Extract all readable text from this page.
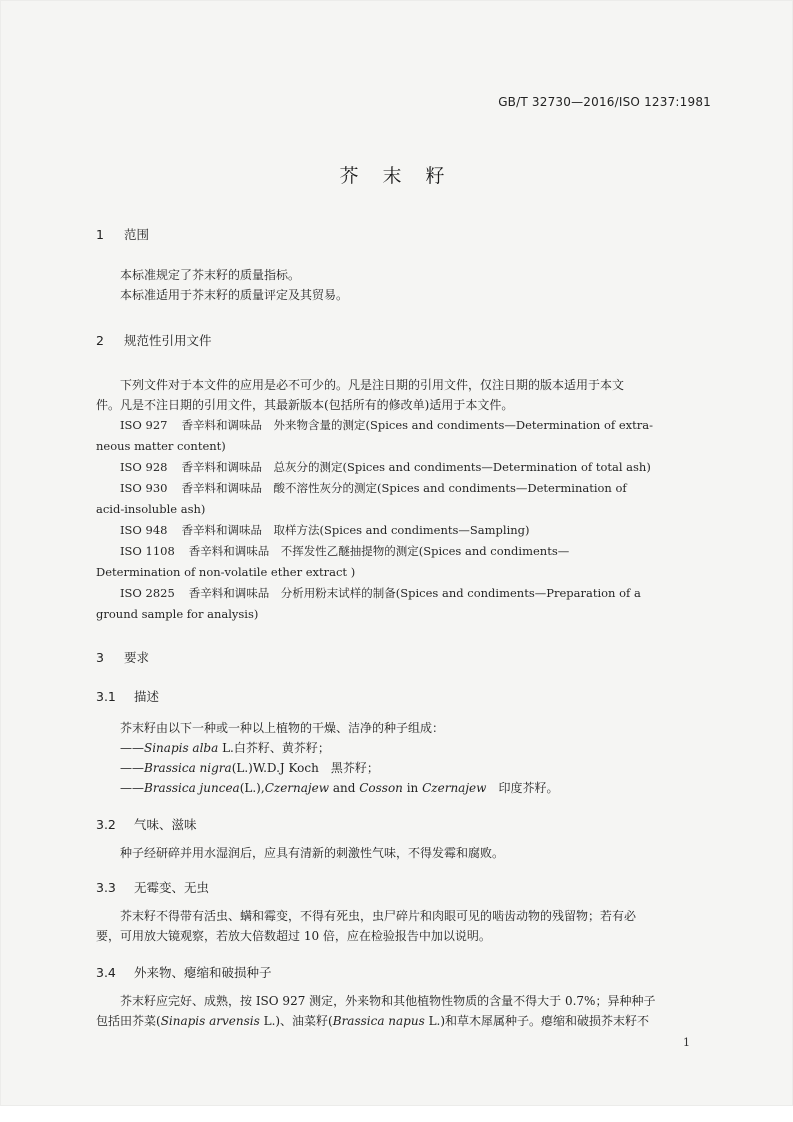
GB/T 32730—2016/ISO 1237:1981
芥 末 籽
1 范围
本标准规定了芥末籽的质量指标。
本标准适用于芥末籽的质量评定及其贸易。
2 规范性引用文件
下列文件对于本文件的应用是必不可少的。凡是注日期的引用文件，仅注日期的版本适用于本文
件。凡是不注日期的引用文件，其最新版本(包括所有的修改单)适用于本文件。
ISO 927 香辛料和调味品　外来物含量的测定(Spices and condiments—Determination of extra-
neous matter content)
ISO 928 香辛料和调味品　总灰分的测定(Spices and condiments—Determination of total ash)
ISO 930 香辛料和调味品　酸不溶性灰分的测定(Spices and condiments—Determination of
acid-insoluble ash)
ISO 948 香辛料和调味品　取样方法(Spices and condiments—Sampling)
ISO 1108 香辛料和调味品　不挥发性乙醚抽提物的测定(Spices and condiments—
Determination of non-volatile ether extract )
ISO 2825 香辛料和调味品　分析用粉末试样的制备(Spices and condiments—Preparation of a
ground sample for analysis)
3 要求
3.1 描述
芥末籽由以下一种或一种以上植物的干燥、洁净的种子组成：
——Sinapis alba L.白芥籽、黄芥籽；
——Brassica nigra(L.)W.D.J Koch　黑芥籽；
——Brassica juncea(L.),Czernajew and Cosson in Czernajew　印度芥籽。
3.2 气味、滋味
种子经研碎并用水湿润后，应具有清新的刺激性气味，不得发霉和腐败。
3.3 无霉变、无虫
芥末籽不得带有活虫、螨和霉变，不得有死虫，虫尸碎片和肉眼可见的啮齿动物的残留物；若有必
要，可用放大镜观察，若放大倍数超过 10 倍，应在检验报告中加以说明。
3.4 外来物、瘪缩和破损种子
芥末籽应完好、成熟，按 ISO 927 测定，外来物和其他植物性物质的含量不得大于 0.7%；异种种子
包括田芥菜(Sinapis arvensis L.)、油菜籽(Brassica napus L.)和草木犀属种子。瘪缩和破损芥末籽不
1
